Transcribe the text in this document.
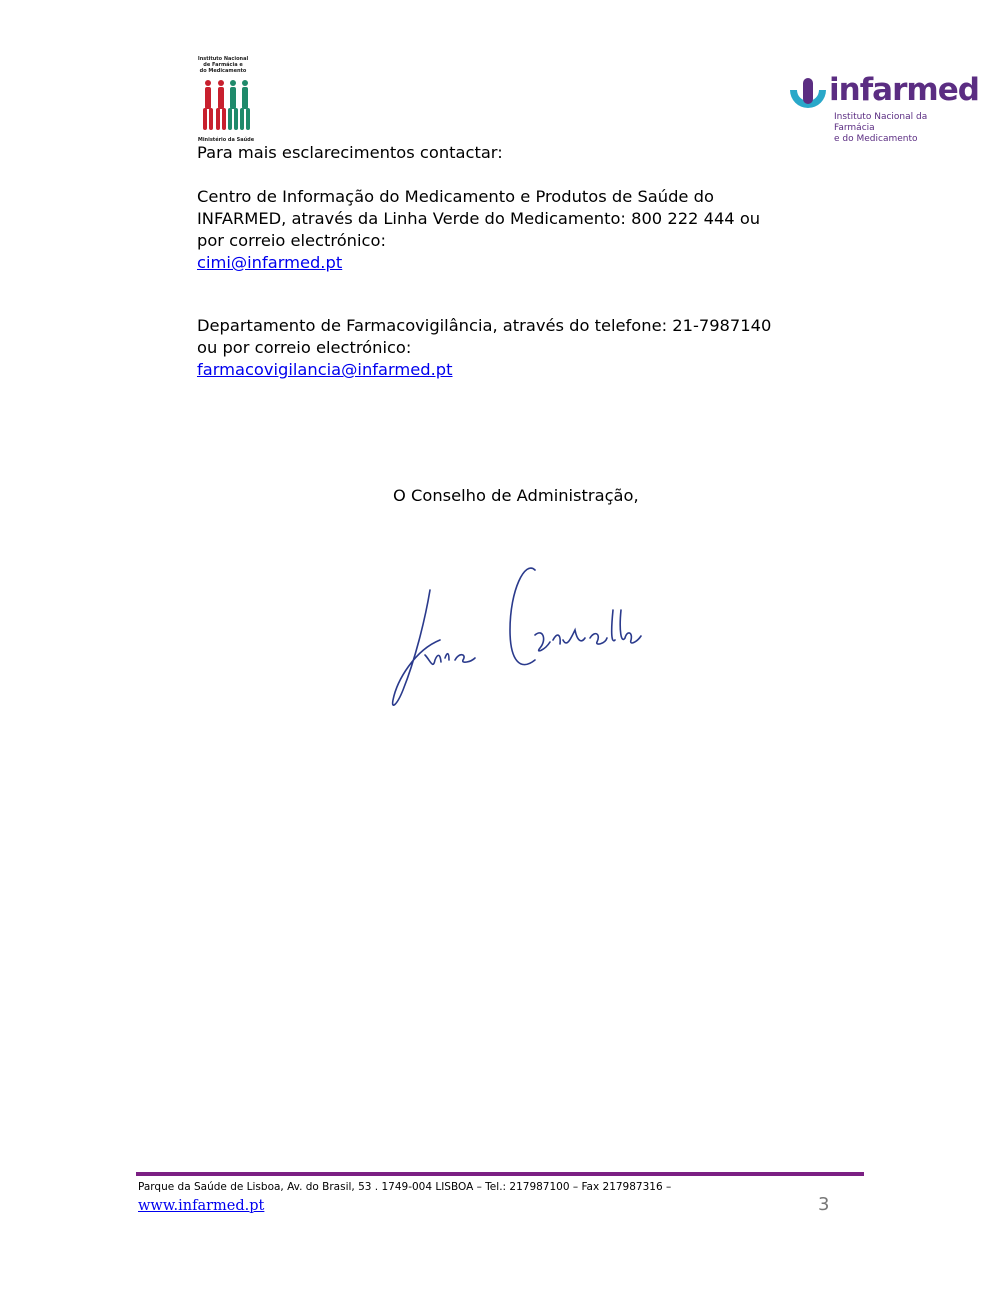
Instituto Nacional
de Farmácia e
do Medicamento
Ministério da Saúde
infarmed
Instituto Nacional da Farmácia
e do Medicamento
Para mais esclarecimentos contactar:
Centro de Informação do Medicamento e Produtos de Saúde do
INFARMED, através da Linha Verde do Medicamento: 800 222 444 ou
por correio electrónico:
cimi@infarmed.pt
Departamento de Farmacovigilância, através do telefone: 21-7987140
ou por correio electrónico:
farmacovigilancia@infarmed.pt
O Conselho de Administração,
Parque da Saúde de Lisboa, Av. do Brasil, 53 . 1749-004 LISBOA – Tel.: 217987100 – Fax 217987316 –
www.infarmed.pt	3
